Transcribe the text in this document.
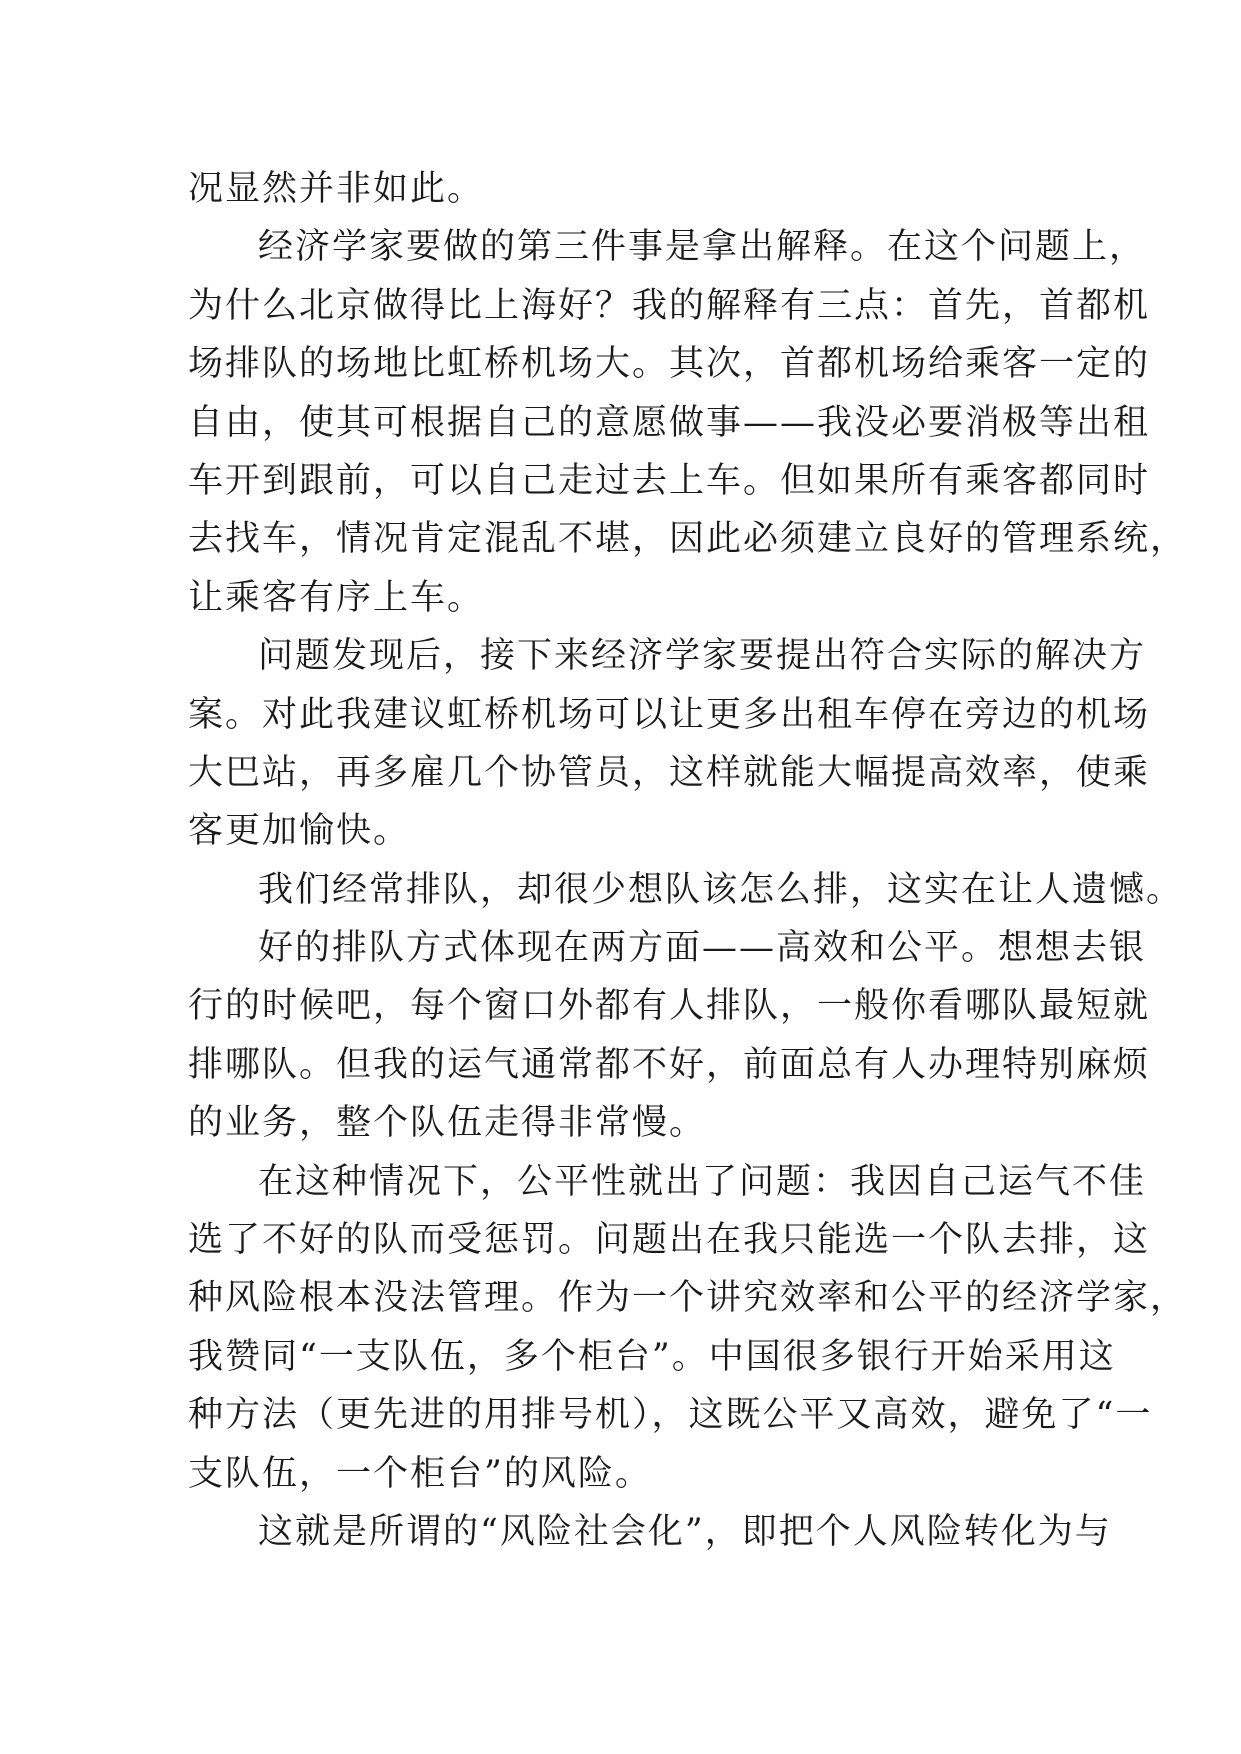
况显然并非如此。
经济学家要做的第三件事是拿出解释。在这个问题上，
为什么北京做得比上海好？我的解释有三点：首先，首都机
场排队的场地比虹桥机场大。其次，首都机场给乘客一定的
自由，使其可根据自己的意愿做事——我没必要消极等出租
车开到跟前，可以自己走过去上车。但如果所有乘客都同时
去找车，情况肯定混乱不堪，因此必须建立良好的管理系统，
让乘客有序上车。
问题发现后，接下来经济学家要提出符合实际的解决方
案。对此我建议虹桥机场可以让更多出租车停在旁边的机场
大巴站，再多雇几个协管员，这样就能大幅提高效率，使乘
客更加愉快。
我们经常排队，却很少想队该怎么排，这实在让人遗憾。
好的排队方式体现在两方面——高效和公平。想想去银
行的时候吧，每个窗口外都有人排队，一般你看哪队最短就
排哪队。但我的运气通常都不好，前面总有人办理特别麻烦
的业务，整个队伍走得非常慢。
在这种情况下，公平性就出了问题：我因自己运气不佳
选了不好的队而受惩罚。问题出在我只能选一个队去排，这
种风险根本没法管理。作为一个讲究效率和公平的经济学家，
我赞同“一支队伍，多个柜台”。中国很多银行开始采用这
种方法（更先进的用排号机），这既公平又高效，避免了“一
支队伍，一个柜台”的风险。
这就是所谓的“风险社会化”，即把个人风险转化为与
